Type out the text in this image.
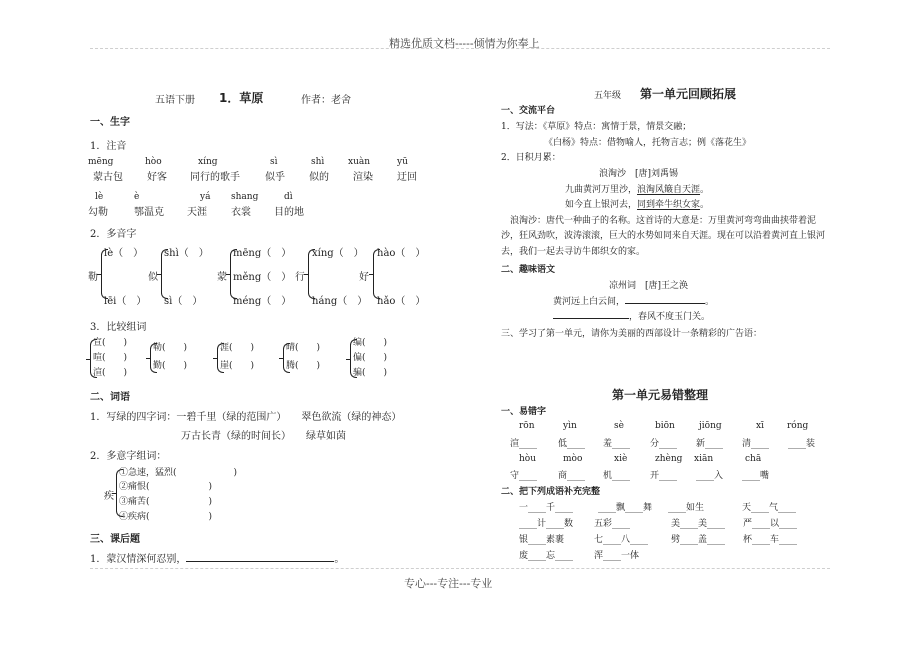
精选优质文档-----倾情为你奉上
五语下册 1．草原	作者：老舍
一、生字
1．注音
mēng	hòo	xíng	sì	shì	xuàn	yū
蒙古包 好客 同行的歌手	似乎 似的 渲染 迂回
lè	è	yá shang	dì
勾勒	鄂温克 天涯 衣裳 目的地
2．多音字
勒
lè（　）
lēi（　）
似
shì（　）
sì（　）
蒙
mēng（　）
měng（　）
méng（　）
行
xíng（　）
háng（　）
好
hào（　）
hǎo（　）
3．比较组词
宣(　　)
喧(　　)
渲(　　)
勒(　　)
勤(　　)
涯(　　)
崖(　　)
晴(　　)
腾(　　)
编(　　)
偏(　　)
骗(　　)
二、词语
1．写绿的四字词：一碧千里（绿的范围广）　　翠色欲流（绿的神态）
万古长青（绿的时间长）　　绿草如茵
2．多意字组词：
疾
①急速，猛烈(	)
②痛恨(	)
③痛苦(	)
④疾病(	)
三、课后题
1．蒙汉情深何忍别，	。
五年级 第一单元回顾拓展
一、交流平台
1．写法：《草原》特点：寓情于景，情景交融；
《白杨》特点：借物喻人，托物言志；例《落花生》
2．日积月累：
浪淘沙　[唐]刘禹锡
九曲黄河万里沙，浪淘风簸自天涯。
如今直上银河去，同到牵牛织女家。
浪淘沙：唐代一种曲子的名称。这首诗的大意是：万里黄河弯弯曲曲挟带着泥
沙，狂风劲吹，波涛滚滚，巨大的水势如同来自天涯。现在可以沿着黄河直上银河
去，我们一起去寻访牛郎织女的家。
二、趣味语文
凉州词　[唐]王之涣
黄河远上白云间，	。
，春风不度玉门关。
三、学习了第一单元，请你为美丽的西部设计一条精彩的广告语：
第一单元易错整理
一、易错字
rōn	yìn	sè	biōn	jiōng	xī	róng
渲____ 低____ 羞____ 分____ 新____ 清____ ____装
hòu	mòo	xiè	zhèng xiān	chā
守____ 商____ 机____ 开____ ____入 ____嘴
二、把下列成语补充完整
一____千____	____飘____舞 ____如生	天____气____
____计____数 五彩____	美____美____ 严____以____
银____素裹	七____八____	劈____盖____ 杯____车____
废____忘____ 浑____一体
专心---专注---专业
